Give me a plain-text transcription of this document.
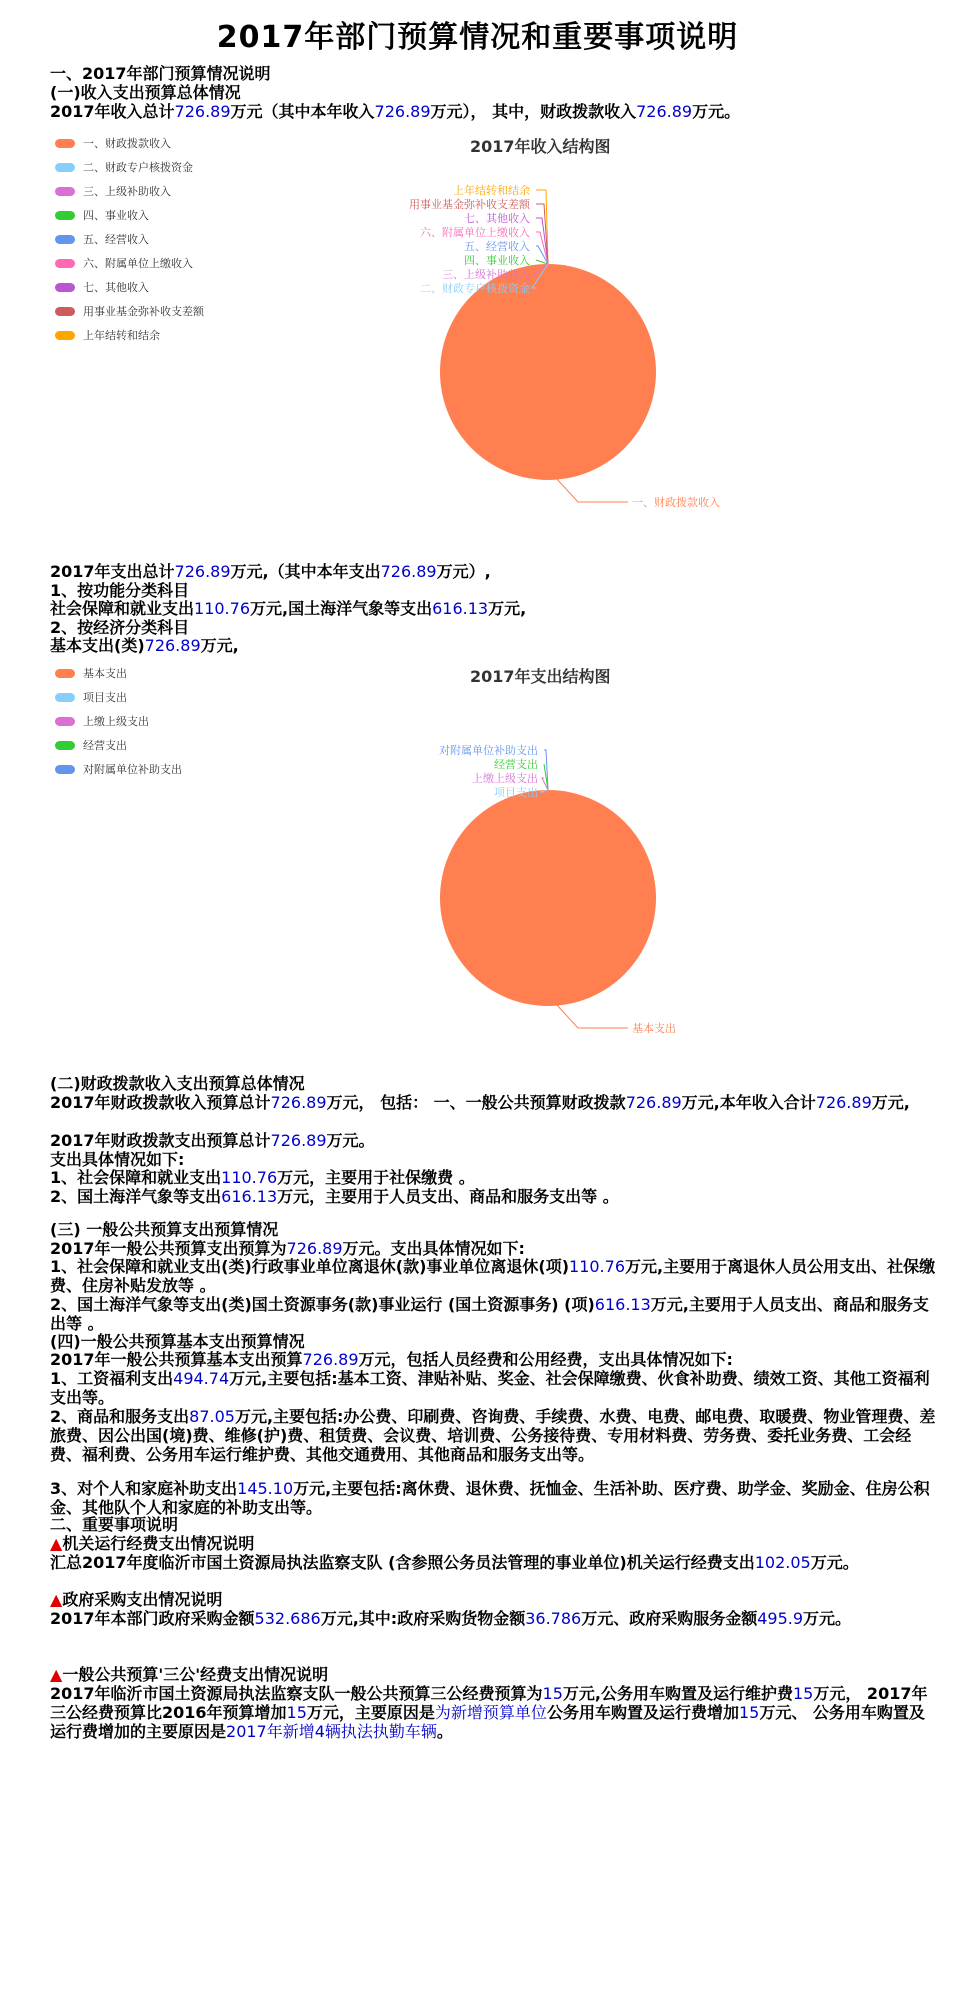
2017年部门预算情况和重要事项说明
一、2017年部门预算情况说明
(一)收入支出预算总体情况
2017年收入总计726.89万元（其中本年收入726.89万元）， 其中，财政拨款收入726.89万元。
2017年收入结构图
一、财政拨款收入
二、财政专户核拨资金
三、上级补助收入
四、事业收入
五、经营收入
六、附属单位上缴收入
七、其他收入
用事业基金弥补收支差额
上年结转和结余
一、财政拨款收入
二、财政专户核拨资金
三、上级补助收入
四、事业收入
五、经营收入
六、附属单位上缴收入
七、其他收入
用事业基金弥补收支差额
上年结转和结余
2017年支出总计726.89万元,（其中本年支出726.89万元）,
1、按功能分类科目
社会保障和就业支出110.76万元,国土海洋气象等支出616.13万元,
2、按经济分类科目
基本支出(类)726.89万元,
2017年支出结构图
基本支出
项目支出
上缴上级支出
经营支出
对附属单位补助支出
基本支出
项目支出
上缴上级支出
经营支出
对附属单位补助支出
(二)财政拨款收入支出预算总体情况
2017年财政拨款收入预算总计726.89万元， 包括： 一、一般公共预算财政拨款726.89万元,本年收入合计726.89万元,
2017年财政拨款支出预算总计726.89万元。
支出具体情况如下:
1、社会保障和就业支出110.76万元，主要用于社保缴费 。
2、国土海洋气象等支出616.13万元，主要用于人员支出、商品和服务支出等 。
(三) 一般公共预算支出预算情况
2017年一般公共预算支出预算为726.89万元。支出具体情况如下:
1、社会保障和就业支出(类)行政事业单位离退休(款)事业单位离退休(项)110.76万元,主要用于离退休人员公用支出、社保缴费、住房补贴发放等 。
2、国土海洋气象等支出(类)国土资源事务(款)事业运行 (国土资源事务) (项)616.13万元,主要用于人员支出、商品和服务支出等 。
(四)一般公共预算基本支出预算情况
2017年一般公共预算基本支出预算726.89万元，包括人员经费和公用经费，支出具体情况如下:
1、工资福利支出494.74万元,主要包括:基本工资、津贴补贴、奖金、社会保障缴费、伙食补助费、绩效工资、其他工资福利支出等。
2、商品和服务支出87.05万元,主要包括:办公费、印刷费、咨询费、手续费、水费、电费、邮电费、取暖费、物业管理费、差旅费、因公出国(境)费、维修(护)费、租赁费、会议费、培训费、公务接待费、专用材料费、劳务费、委托业务费、工会经费、福利费、公务用车运行维护费、其他交通费用、其他商品和服务支出等。
3、对个人和家庭补助支出145.10万元,主要包括:离休费、退休费、抚恤金、生活补助、医疗费、助学金、奖励金、住房公积金、其他队个人和家庭的补助支出等。
二、重要事项说明
▲机关运行经费支出情况说明
汇总2017年度临沂市国土资源局执法监察支队 (含参照公务员法管理的事业单位)机关运行经费支出102.05万元。
▲政府采购支出情况说明
2017年本部门政府采购金额532.686万元,其中:政府采购货物金额36.786万元、政府采购服务金额495.9万元。
▲一般公共预算'三公'经费支出情况说明
2017年临沂市国土资源局执法监察支队一般公共预算三公经费预算为15万元,公务用车购置及运行维护费15万元， 2017年三公经费预算比2016年预算增加15万元，主要原因是为新增预算单位公务用车购置及运行费增加15万元、 公务用车购置及运行费增加的主要原因是2017年新增4辆执法执勤车辆。
